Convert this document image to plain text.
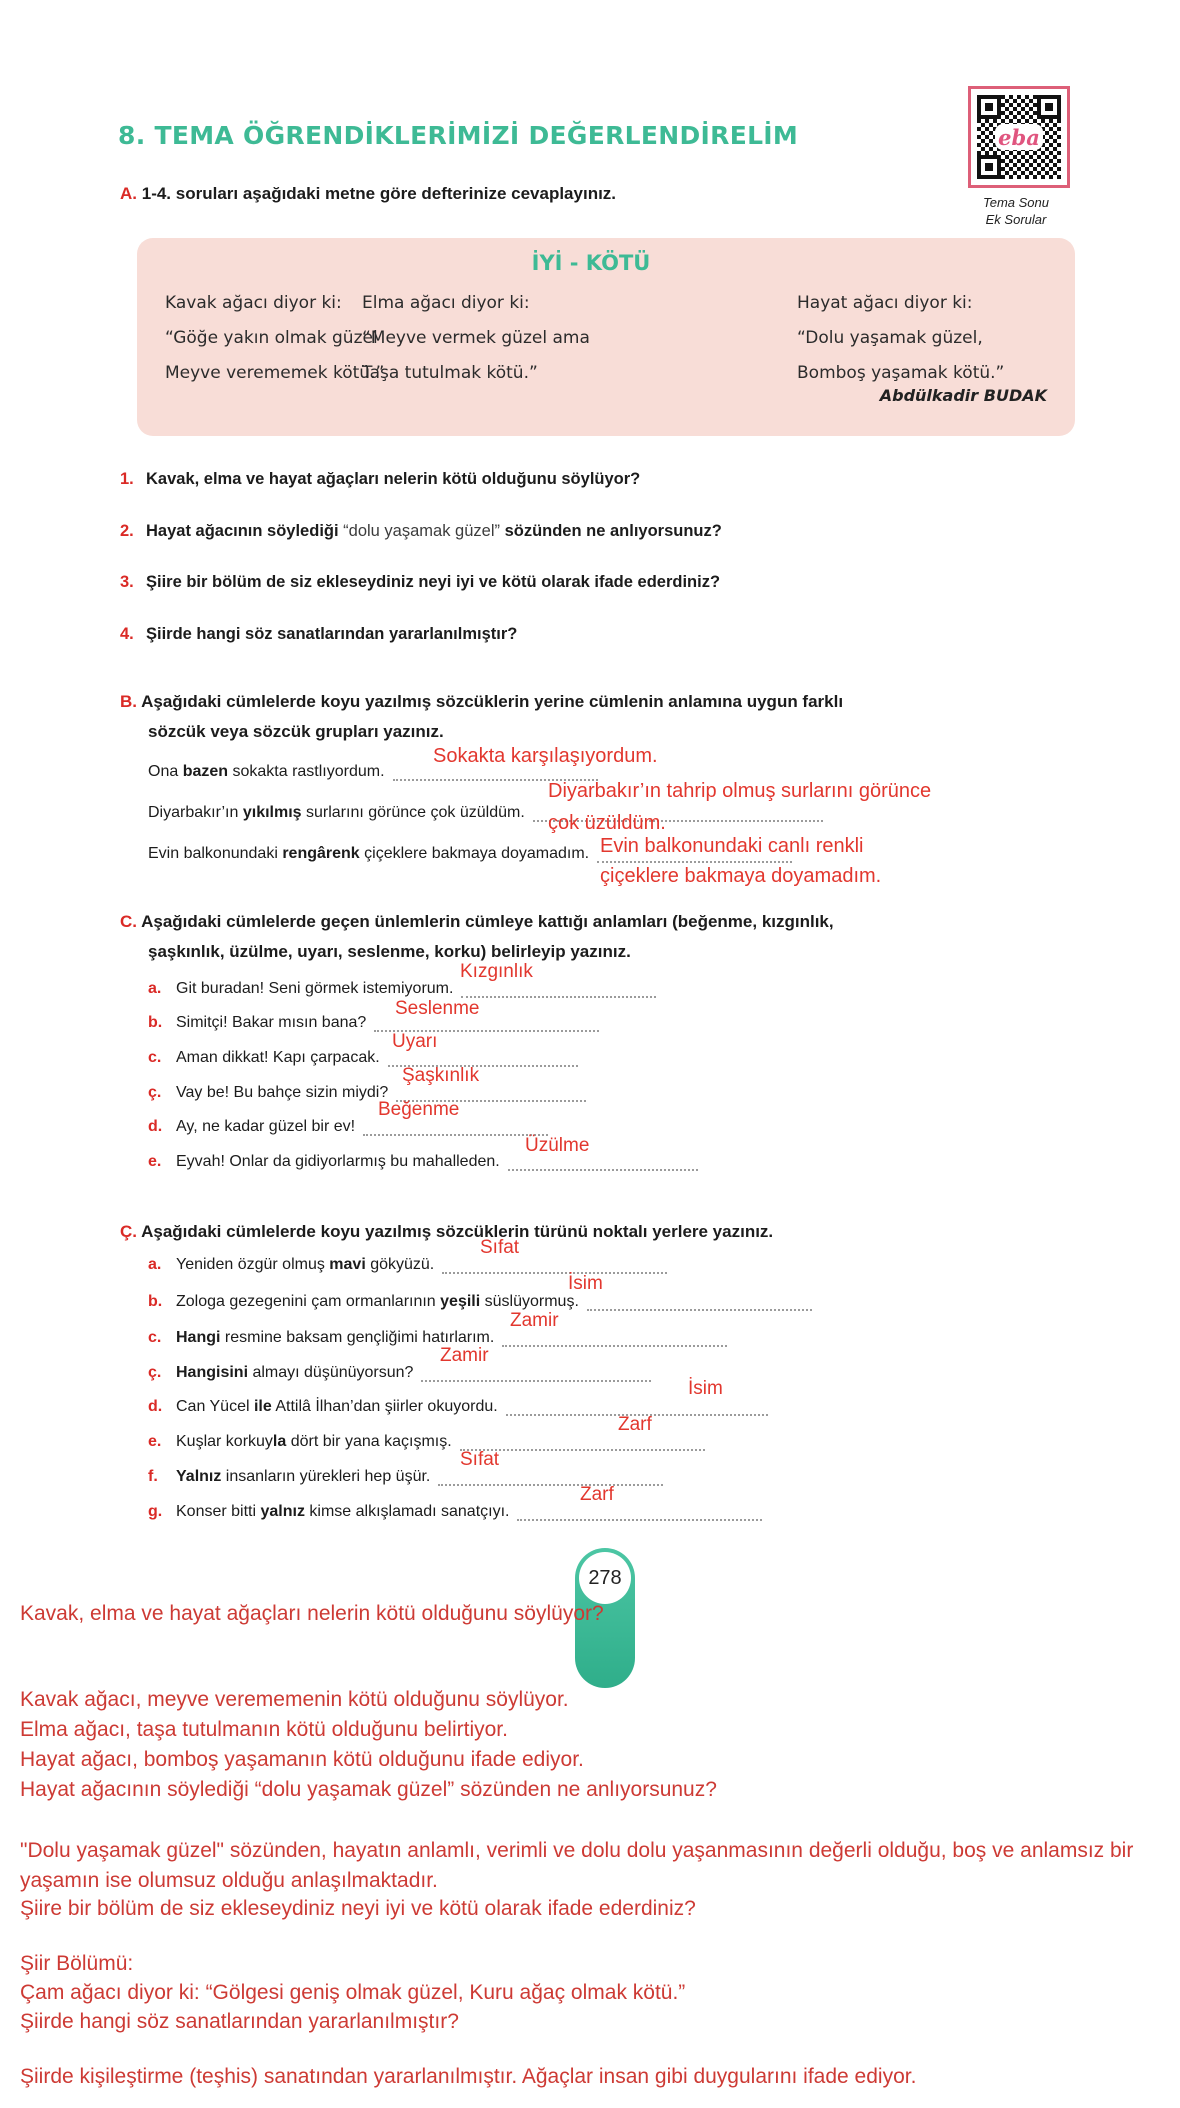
8. TEMA ÖĞRENDİKLERİMİZİ DEĞERLENDİRELİM	eba
Tema Sonu
Ek Sorular
A. 1-4. soruları aşağıdaki metne göre defterinize cevaplayınız.
İYİ - KÖTÜ
Kavak ağacı diyor ki:
“Göğe yakın olmak güzel
Meyve verememek kötü.”
Elma ağacı diyor ki:
“Meyve vermek güzel ama
Taşa tutulmak kötü.”
Hayat ağacı diyor ki:
“Dolu yaşamak güzel,
Bomboş yaşamak kötü.”
Abdülkadir BUDAK
1. Kavak, elma ve hayat ağaçları nelerin kötü olduğunu söylüyor?
2. Hayat ağacının söylediği “dolu yaşamak güzel” sözünden ne anlıyorsunuz?
3. Şiire bir bölüm de siz ekleseydiniz neyi iyi ve kötü olarak ifade ederdiniz?
4. Şiirde hangi söz sanatlarından yararlanılmıştır?
B. Aşağıdaki cümlelerde koyu yazılmış sözcüklerin yerine cümlenin anlamına uygun farklı
sözcük veya sözcük grupları yazınız.
Ona bazen sokakta rastlıyordum.
Sokakta karşılaşıyordum.
Diyarbakır’ın yıkılmış surlarını görünce çok üzüldüm.
Diyarbakır’ın tahrip olmuş surlarını görünce
çok üzüldüm.
Evin balkonundaki rengârenk çiçeklere bakmaya doyamadım. Evin balkonundaki canlı renkli
çiçeklere bakmaya doyamadım.
C. Aşağıdaki cümlelerde geçen ünlemlerin cümleye kattığı anlamları (beğenme, kızgınlık,
şaşkınlık, üzülme, uyarı, seslenme, korku) belirleyip yazınız.
a. Git buradan! Seni görmek istemiyorum.
Kızgınlık
b. Simitçi! Bakar mısın bana?
Seslenme
c. Aman dikkat! Kapı çarpacak.
Uyarı
ç. Vay be! Bu bahçe sizin miydi?
Şaşkınlık
d. Ay, ne kadar güzel bir ev!
Beğenme
e. Eyvah! Onlar da gidiyorlarmış bu mahalleden.
Üzülme
Ç. Aşağıdaki cümlelerde koyu yazılmış sözcüklerin türünü noktalı yerlere yazınız.
a. Yeniden özgür olmuş mavi gökyüzü.
Sıfat
b. Zologa gezegenini çam ormanlarının yeşili süslüyormuş.
İsim
c. Hangi resmine baksam gençliğimi hatırlarım.
Zamir
ç. Hangisini almayı düşünüyorsun?
Zamir
d. Can Yücel ile Attilâ İlhan’dan şiirler okuyordu.
İsim
e. Kuşlar korkuyla dört bir yana kaçışmış.
Zarf
f.	Yalnız insanların yürekleri hep üşür.
Sıfat
g. Konser bitti yalnız kimse alkışlamadı sanatçıyı.
Zarf
278
Kavak, elma ve hayat ağaçları nelerin kötü olduğunu söylüyor?
Kavak ağacı, meyve verememenin kötü olduğunu söylüyor.
Elma ağacı, taşa tutulmanın kötü olduğunu belirtiyor.
Hayat ağacı, bomboş yaşamanın kötü olduğunu ifade ediyor.
Hayat ağacının söylediği “dolu yaşamak güzel” sözünden ne anlıyorsunuz?
"Dolu yaşamak güzel" sözünden, hayatın anlamlı, verimli ve dolu dolu yaşanmasının değerli olduğu, boş ve anlamsız bir yaşamın ise olumsuz olduğu anlaşılmaktadır.
Şiire bir bölüm de siz ekleseydiniz neyi iyi ve kötü olarak ifade ederdiniz?
Şiir Bölümü:
Çam ağacı diyor ki: “Gölgesi geniş olmak güzel, Kuru ağaç olmak kötü.”
Şiirde hangi söz sanatlarından yararlanılmıştır?
Şiirde kişileştirme (teşhis) sanatından yararlanılmıştır. Ağaçlar insan gibi duygularını ifade ediyor.
